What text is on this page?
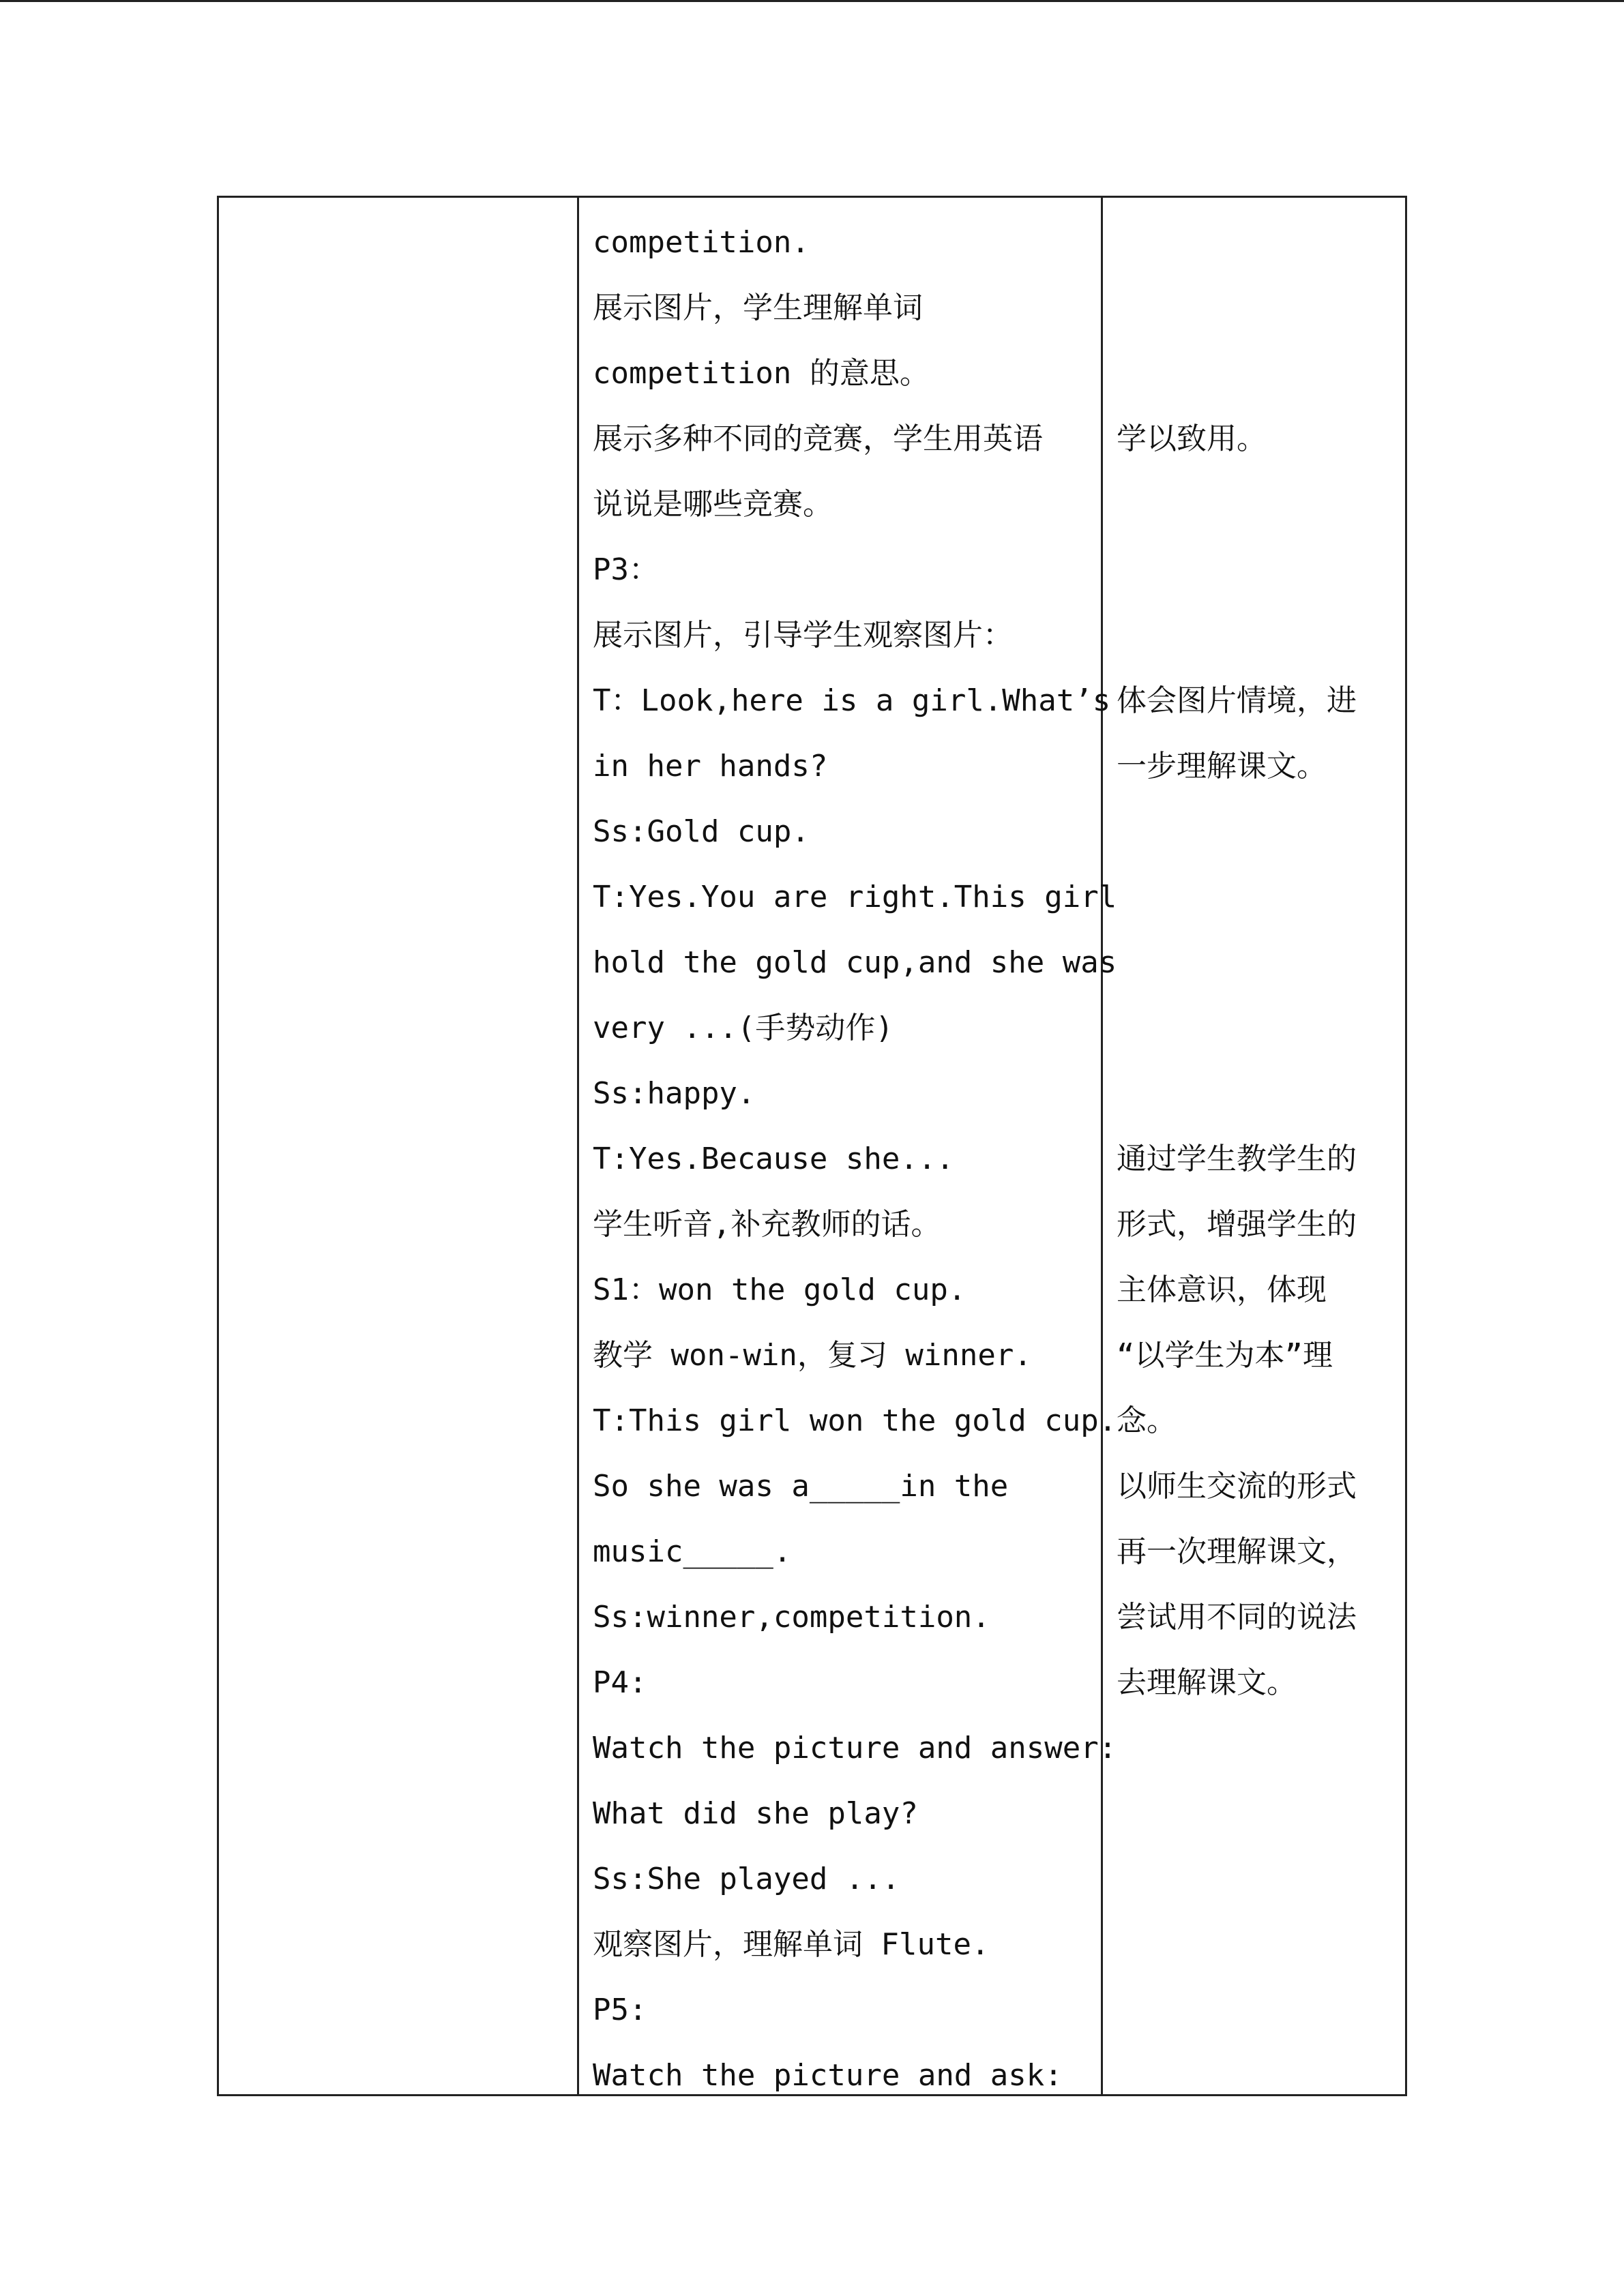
competition.
展示图片，学生理解单词
competition 的意思。
展示多种不同的竞赛，学生用英语
说说是哪些竞赛。
P3：
展示图片，引导学生观察图片：
T：Look,here is a girl.What’s
in her hands?
Ss:Gold cup.
T:Yes.You are right.This girl
hold the gold cup,and she was
very ...(手势动作)
Ss:happy.
T:Yes.Because she...
学生听音,补充教师的话。
S1：won the gold cup.
教学 won-win，复习 winner.
T:This girl won the gold cup.
So she was a_____in the
music_____.
Ss:winner,competition.
P4:
Watch the picture and answer:
What did she play?
Ss:She played ...
观察图片，理解单词 Flute.
P5:
Watch the picture and ask:
学以致用。
体会图片情境，进
一步理解课文。
通过学生教学生的
形式，增强学生的
主体意识，体现
“以学生为本”理
念。
以师生交流的形式
再一次理解课文，
尝试用不同的说法
去理解课文。
